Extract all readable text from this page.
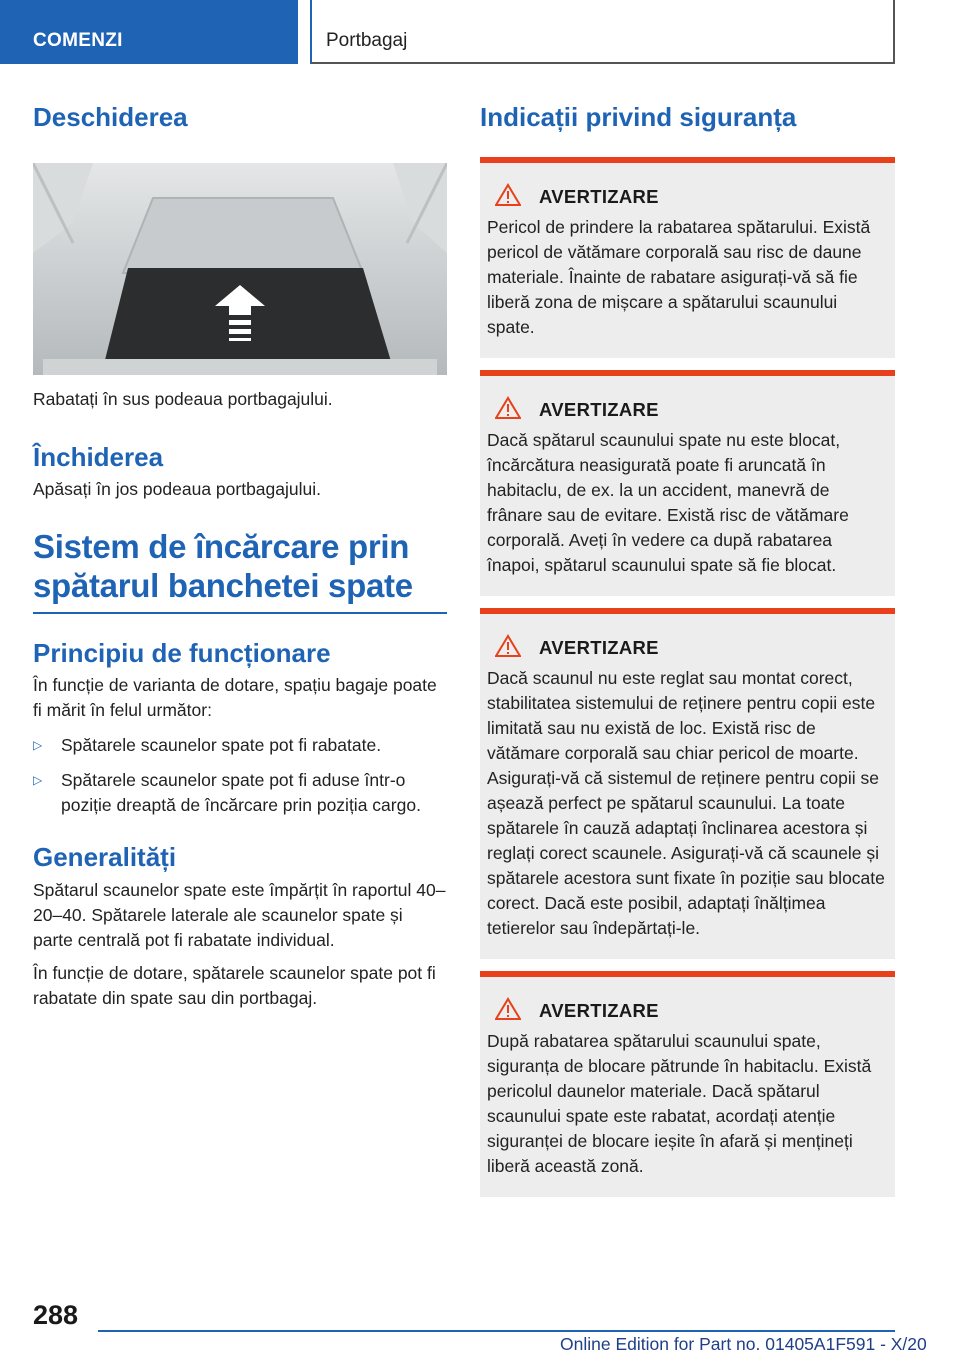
COMENZI	Portbagaj
Deschiderea

Rabatați în sus podeaua portbagajului.

Închiderea

Apăsați în jos podeaua portbagajului.

Sistem de încărcare prin
spătarul banchetei spate
Principiu de funcționare

În funcție de varianta de dotare, spațiu bagaje poate fi mărit în felul următor:

▷	Spătarele scaunelor spate pot fi rabatate.
▷	Spătarele scaunelor spate pot fi aduse într-o poziție dreaptă de încărcare prin poziția cargo.
Generalități

Spătarul scaunelor spate este împărțit în raportul 40–20–40. Spătarele laterale ale scaunelor spate și parte centrală pot fi rabatate individual.

În funcție de dotare, spătarele scaunelor spate pot fi rabatate din spate sau din portbagaj.

Indicații privind siguranța
AVERTIZARE

Pericol de prindere la rabatarea spătarului. Există pericol de vătămare corporală sau risc de daune materiale. Înainte de rabatare asigurați-vă să fie liberă zona de mișcare a spătarului scaunului spate.

AVERTIZARE

Dacă spătarul scaunului spate nu este blocat, încărcătura neasigurată poate fi aruncată în habitaclu, de ex. la un accident, manevră de frânare sau de evitare. Există risc de vătămare corporală. Aveți în vedere ca după rabatarea înapoi, spătarul scaunului spate să fie blocat.

AVERTIZARE

Dacă scaunul nu este reglat sau montat corect, stabilitatea sistemului de reținere pentru copii este limitată sau nu există de loc. Există risc de vătămare corporală sau chiar pericol de moarte. Asigurați-vă că sistemul de reținere pentru copii se așează perfect pe spătarul scaunului. La toate spătarele în cauză adaptați înclinarea acestora și reglați corect scaunele. Asigurați-vă că scaunele și spătarele acestora sunt fixate în poziție sau blocate corect. Dacă este posibil, adaptați înălțimea tetierelor sau îndepărtați-le.

AVERTIZARE

După rabatarea spătarului scaunului spate, siguranța de blocare pătrunde în habitaclu. Există pericolul daunelor materiale. Dacă spătarul scaunului spate este rabatat, acordați atenție siguranței de blocare ieșite în afară și mențineți liberă această zonă.

288
Online Edition for Part no. 01405A1F591 - X/20
